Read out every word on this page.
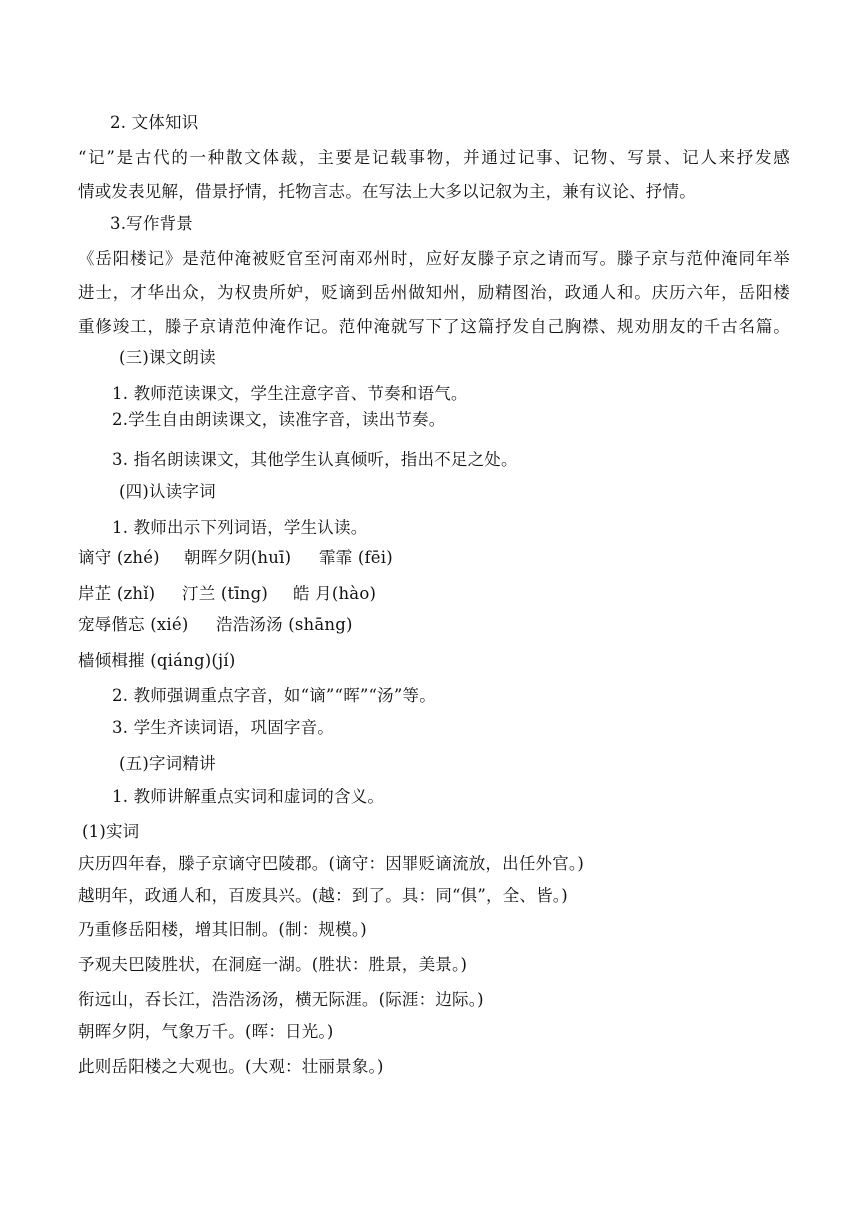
2. 文体知识
“记”是古代的一种散文体裁，主要是记载事物，并通过记事、记物、写景、记人来抒发感
情或发表见解，借景抒情，托物言志。在写法上大多以记叙为主，兼有议论、抒情。
3.写作背景
《岳阳楼记》是范仲淹被贬官至河南邓州时，应好友滕子京之请而写。滕子京与范仲淹同年举
进士，才华出众，为权贵所妒，贬谪到岳州做知州，励精图治，政通人和。庆历六年，岳阳楼
重修竣工，滕子京请范仲淹作记。范仲淹就写下了这篇抒发自己胸襟、规劝朋友的千古名篇。
(三)课文朗读
1. 教师范读课文，学生注意字音、节奏和语气。
2.学生自由朗读课文，读准字音，读出节奏。
3. 指名朗读课文，其他学生认真倾听，指出不足之处。
(四)认读字词
1. 教师出示下列词语，学生认读。
谪守 (zhé) 朝晖夕阴(huī) 霏霏 (fēi)
岸芷 (zhǐ) 汀兰 (tīng) 皓 月(hào)
宠辱偕忘 (xié) 浩浩汤汤 (shāng)
樯倾楫摧 (qiáng)(jí)
2. 教师强调重点字音，如“谪”“晖”“汤”等。
3. 学生齐读词语，巩固字音。
(五)字词精讲
1. 教师讲解重点实词和虚词的含义。
(1)实词
庆历四年春，滕子京谪守巴陵郡。(谪守：因罪贬谪流放，出任外官。)
越明年，政通人和，百废具兴。(越：到了。具：同“俱”，全、皆。)
乃重修岳阳楼，增其旧制。(制：规模。)
予观夫巴陵胜状，在洞庭一湖。(胜状：胜景，美景。)
衔远山，吞长江，浩浩汤汤，横无际涯。(际涯：边际。)
朝晖夕阴，气象万千。(晖：日光。)
此则岳阳楼之大观也。(大观：壮丽景象。)
